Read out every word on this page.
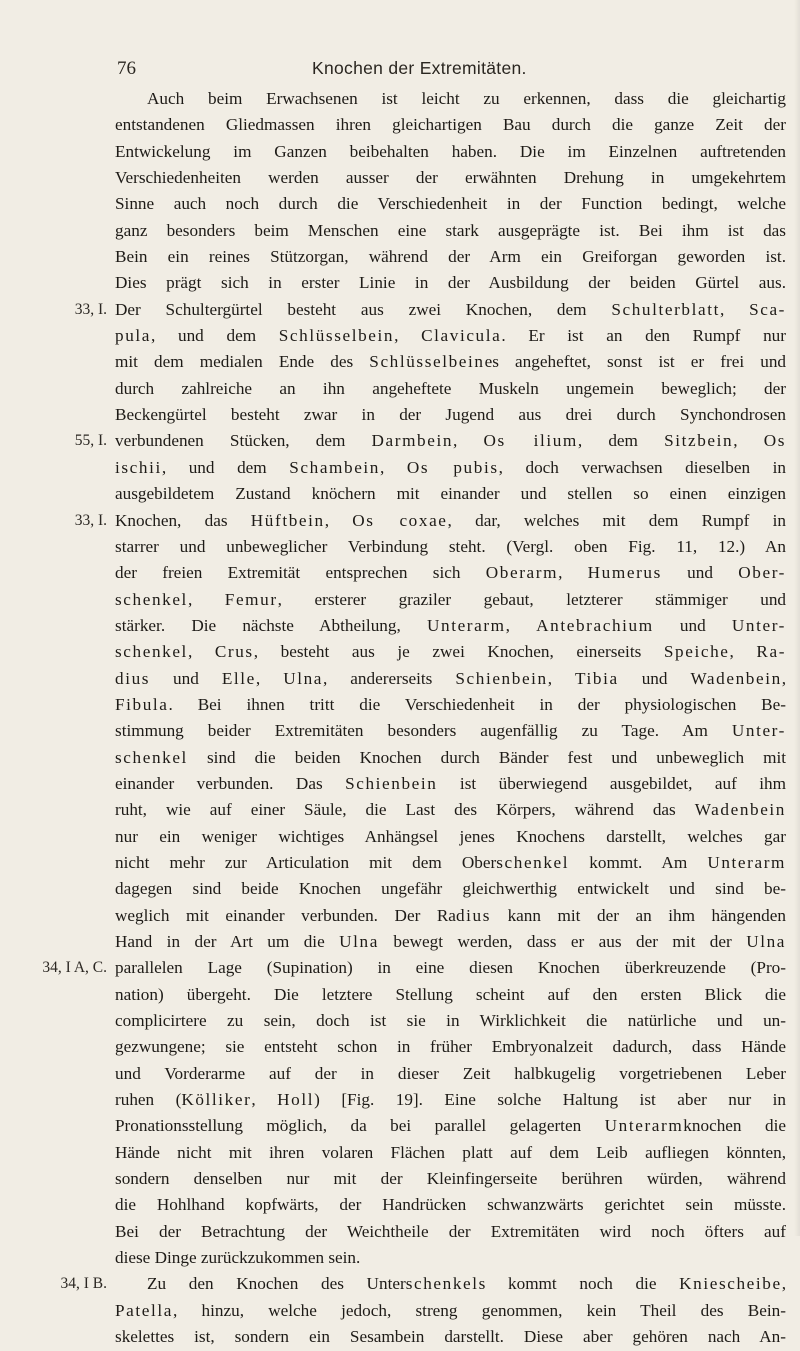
76	Knochen der Extremitäten.
Auch beim Erwachsenen ist leicht zu erkennen, dass die gleichartig
entstandenen Gliedmassen ihren gleichartigen Bau durch die ganze Zeit der
Entwickelung im Ganzen beibehalten haben. Die im Einzelnen auftretenden
Verschiedenheiten werden ausser der erwähnten Drehung in umgekehrtem
Sinne auch noch durch die Verschiedenheit in der Function bedingt, welche
ganz besonders beim Menschen eine stark ausgeprägte ist. Bei ihm ist das
Bein ein reines Stützorgan, während der Arm ein Greiforgan geworden ist.
Dies prägt sich in erster Linie in der Ausbildung der beiden Gürtel aus.
Der Schultergürtel besteht aus zwei Knochen, dem Schulterblatt, Sca-
33, I.
pula, und dem Schlüsselbein, Clavicula. Er ist an den Rumpf nur
mit dem medialen Ende des Schlüsselbeines angeheftet, sonst ist er frei und
durch zahlreiche an ihn angeheftete Muskeln ungemein beweglich; der
Beckengürtel besteht zwar in der Jugend aus drei durch Synchondrosen
verbundenen Stücken, dem Darmbein, Os ilium, dem Sitzbein, Os
55, I.
ischii, und dem Schambein, Os pubis, doch verwachsen dieselben in
ausgebildetem Zustand knöchern mit einander und stellen so einen einzigen
Knochen, das Hüftbein, Os coxae, dar, welches mit dem Rumpf in
33, I.
starrer und unbeweglicher Verbindung steht. (Vergl. oben Fig. 11, 12.) An
der freien Extremität entsprechen sich Oberarm, Humerus und Ober-
schenkel, Femur, ersterer graziler gebaut, letzterer stämmiger und
stärker. Die nächste Abtheilung, Unterarm, Antebrachium und Unter-
schenkel, Crus, besteht aus je zwei Knochen, einerseits Speiche, Ra-
dius und Elle, Ulna, andererseits Schienbein, Tibia und Wadenbein,
Fibula. Bei ihnen tritt die Verschiedenheit in der physiologischen Be-
stimmung beider Extremitäten besonders augenfällig zu Tage. Am Unter-
schenkel sind die beiden Knochen durch Bänder fest und unbeweglich mit
einander verbunden. Das Schienbein ist überwiegend ausgebildet, auf ihm
ruht, wie auf einer Säule, die Last des Körpers, während das Wadenbein
nur ein weniger wichtiges Anhängsel jenes Knochens darstellt, welches gar
nicht mehr zur Articulation mit dem Oberschenkel kommt. Am Unterarm
dagegen sind beide Knochen ungefähr gleichwerthig entwickelt und sind be-
weglich mit einander verbunden. Der Radius kann mit der an ihm hängenden
Hand in der Art um die Ulna bewegt werden, dass er aus der mit der Ulna
parallelen Lage (Supination) in eine diesen Knochen überkreuzende (Pro-
34, I A, C.
nation) übergeht. Die letztere Stellung scheint auf den ersten Blick die
complicirtere zu sein, doch ist sie in Wirklichkeit die natürliche und un-
gezwungene; sie entsteht schon in früher Embryonalzeit dadurch, dass Hände
und Vorderarme auf der in dieser Zeit halbkugelig vorgetriebenen Leber
ruhen (Kölliker, Holl) [Fig. 19]. Eine solche Haltung ist aber nur in
Pronationsstellung möglich, da bei parallel gelagerten Unterarmknochen die
Hände nicht mit ihren volaren Flächen platt auf dem Leib aufliegen könnten,
sondern denselben nur mit der Kleinfingerseite berühren würden, während
die Hohlhand kopfwärts, der Handrücken schwanzwärts gerichtet sein müsste.
Bei der Betrachtung der Weichtheile der Extremitäten wird noch öfters auf
diese Dinge zurückzukommen sein.
Zu den Knochen des Unterschenkels kommt noch die Kniescheibe,
34, I B.
Patella, hinzu, welche jedoch, streng genommen, kein Theil des Bein-
skelettes ist, sondern ein Sesambein darstellt. Diese aber gehören nach An-
